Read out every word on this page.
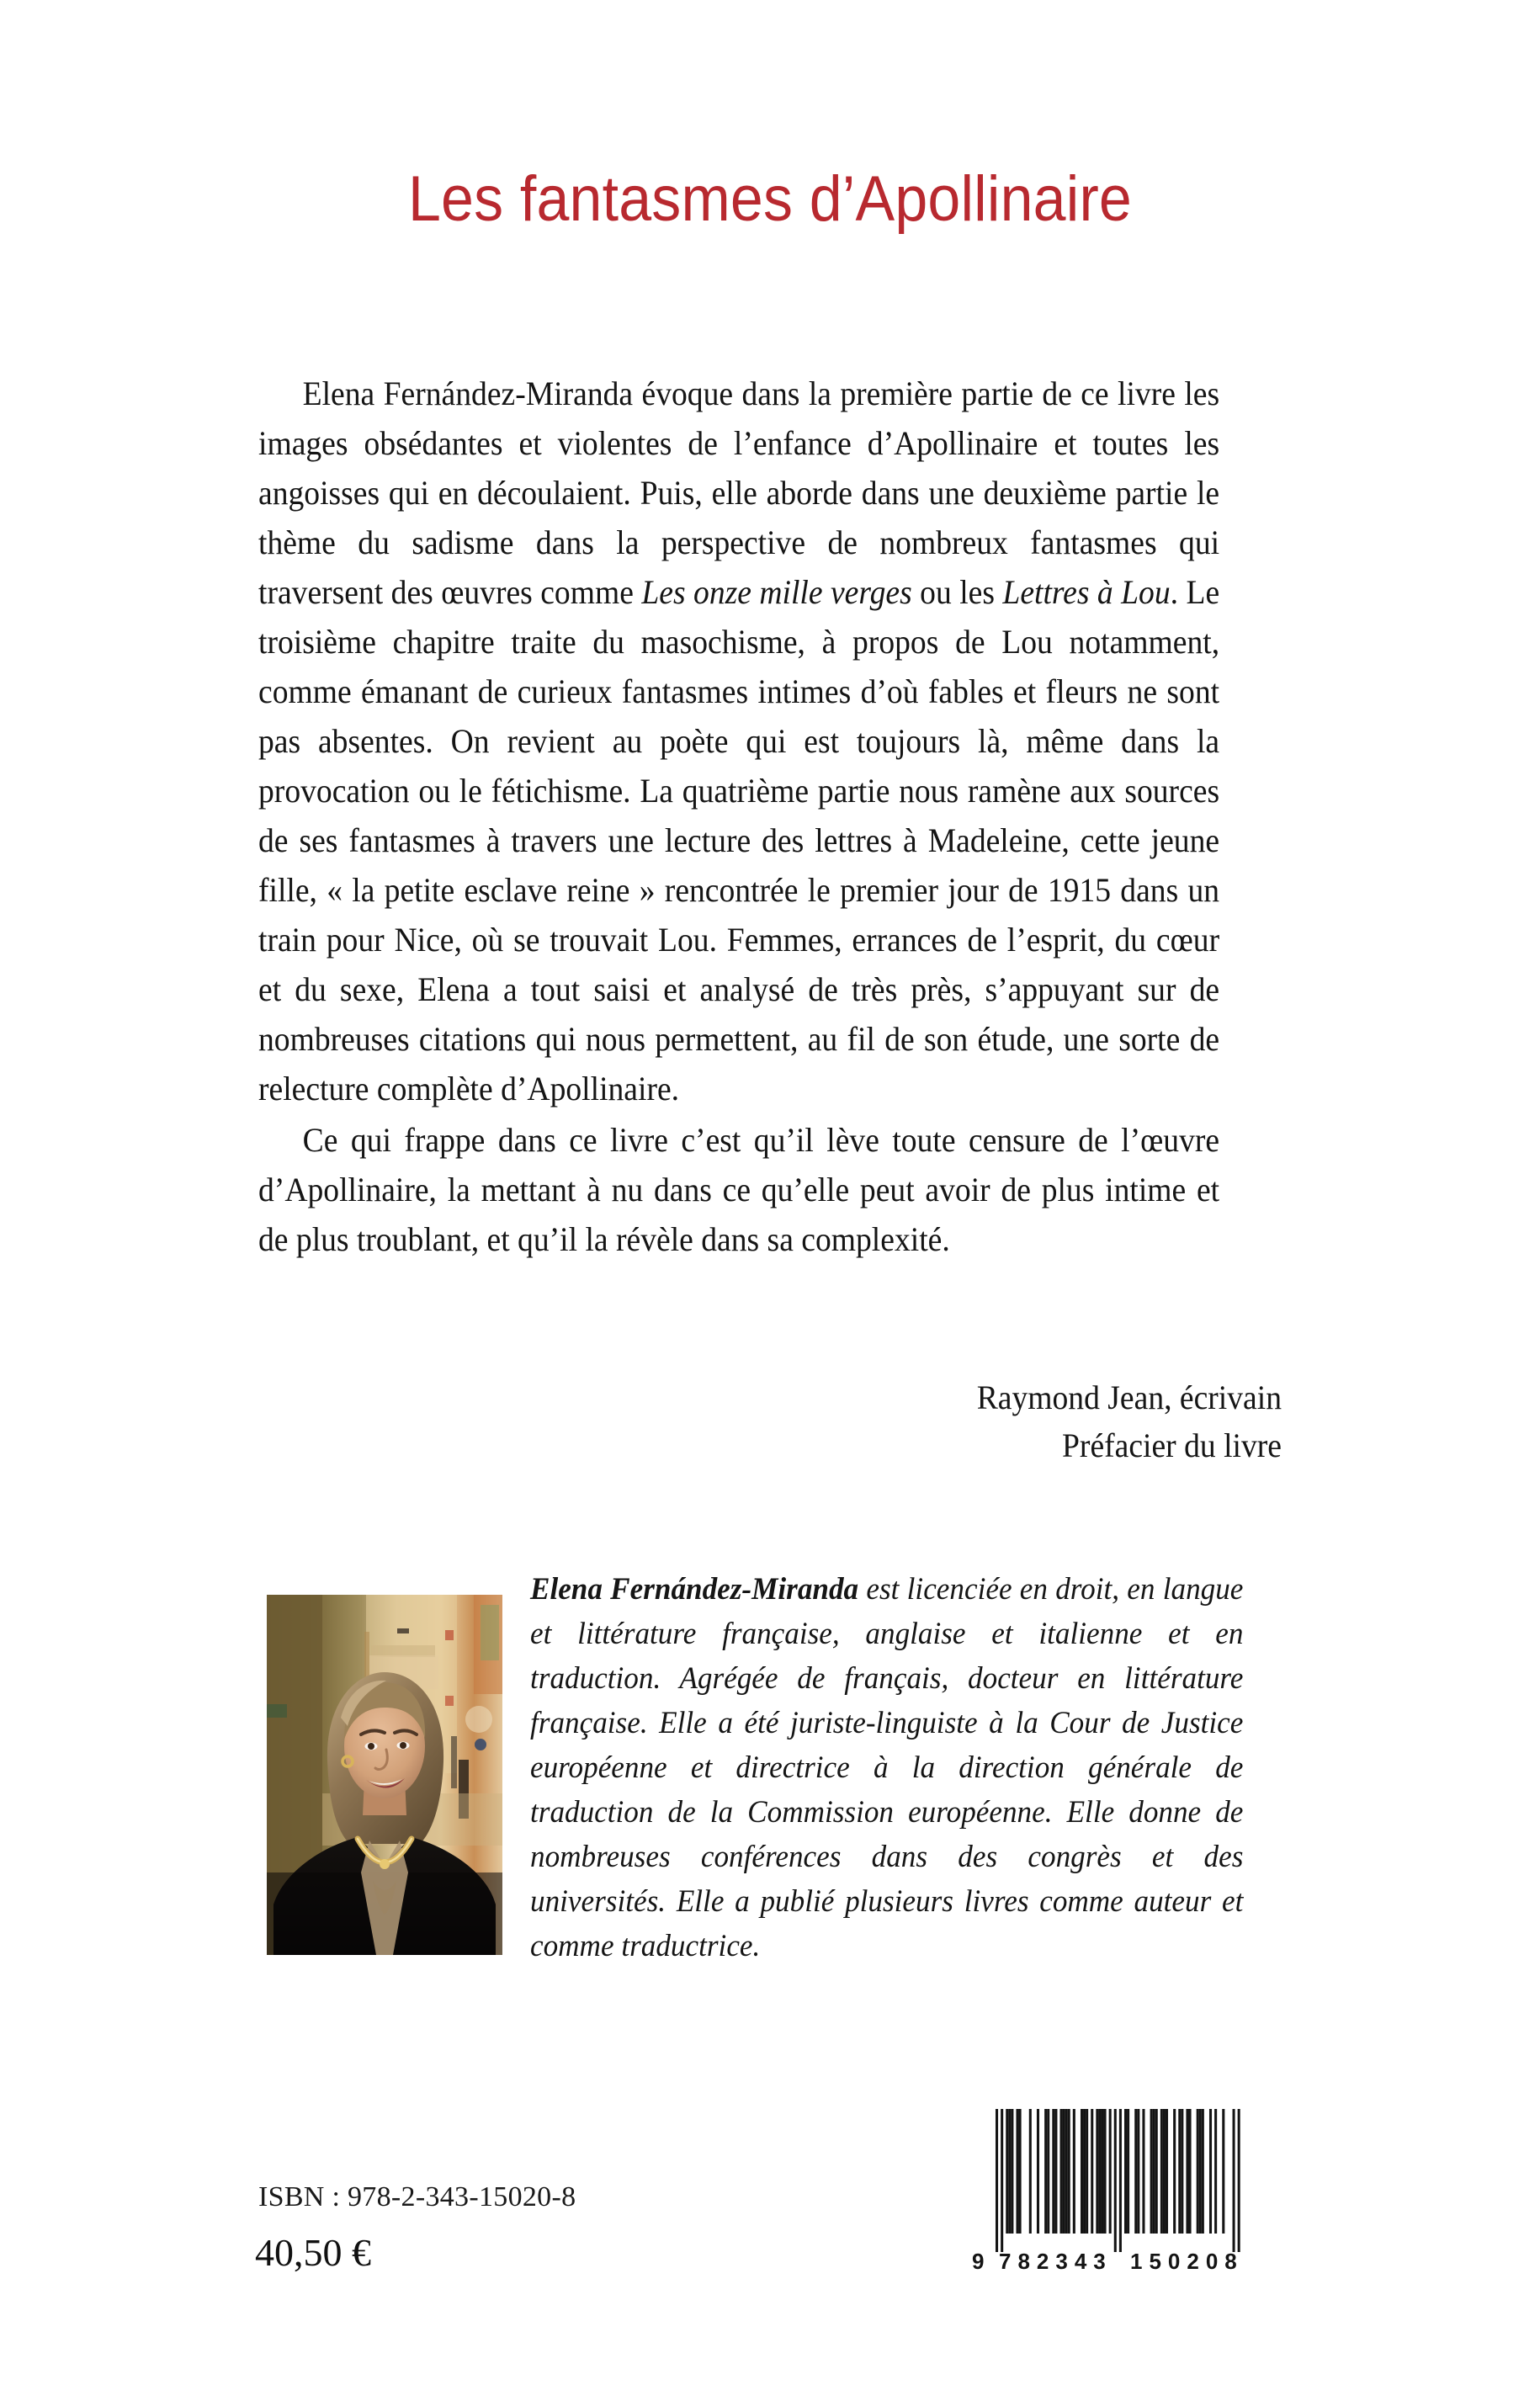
Les fantasmes d’Apollinaire

Elena Fernández-Miranda évoque dans la première partie de ce livre les images obsédantes et violentes de l’enfance d’Apollinaire et toutes les angoisses qui en découlaient. Puis, elle aborde dans une deuxième partie le thème du sadisme dans la perspective de nombreux fantasmes qui traversent des œuvres comme Les onze mille verges ou les Lettres à Lou. Le troisième chapitre traite du masochisme, à propos de Lou notamment, comme émanant de curieux fantasmes intimes d’où fables et fleurs ne sont pas absentes. On revient au poète qui est toujours là, même dans la provocation ou le fétichisme. La quatrième partie nous ramène aux sources de ses fantasmes à travers une lecture des lettres à Madeleine, cette jeune fille, « la petite esclave reine » rencontrée le premier jour de 1915 dans un train pour Nice, où se trouvait Lou. Femmes, errances de l’esprit, du cœur et du sexe, Elena a tout saisi et analysé de très près, s’appuyant sur de nombreuses citations qui nous permettent, au fil de son étude, une sorte de relecture complète d’Apollinaire.

Ce qui frappe dans ce livre c’est qu’il lève toute censure de l’œuvre d’Apollinaire, la mettant à nu dans ce qu’elle peut avoir de plus intime et de plus troublant, et qu’il la révèle dans sa complexité.

Raymond Jean, écrivain
Préfacier du livre
Elena Fernández-Miranda est licenciée en droit, en langue et littérature française, anglaise et italienne et en traduction. Agrégée de français, docteur en littérature française. Elle a été juriste-linguiste à la Cour de Justice européenne et directrice à la direction générale de traduction de la Commission européenne. Elle donne de nombreuses conférences dans des congrès et des universités. Elle a publié plusieurs livres comme auteur et comme traductrice.
ISBN : 978-2-343-15020-8
40,50 €	9 782343 150208
